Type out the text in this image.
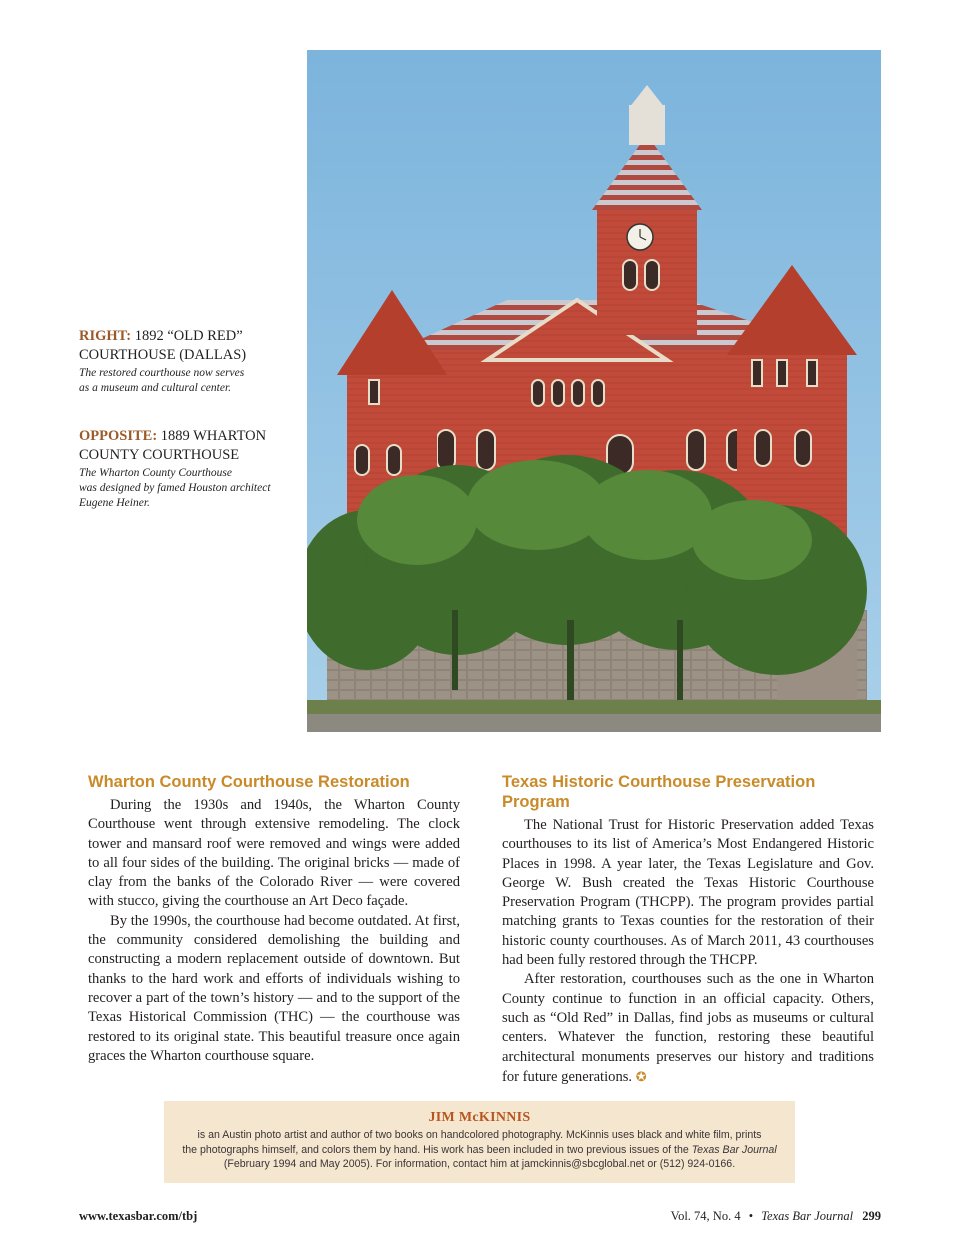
RIGHT: 1892 “OLD RED”
COURTHOUSE (DALLAS)
The restored courthouse now serves
as a museum and cultural center.
OPPOSITE: 1889 WHARTON
COUNTY COURTHOUSE
The Wharton County Courthouse
was designed by famed Houston architect
Eugene Heiner.
Wharton County Courthouse Restoration

During the 1930s and 1940s, the Wharton County Courthouse went through extensive remodeling. The clock tower and mansard roof were removed and wings were added to all four sides of the building. The original bricks — made of clay from the banks of the Colorado River — were covered with stucco, giving the courthouse an Art Deco façade.

By the 1990s, the courthouse had become outdated. At first, the community considered demolishing the building and constructing a modern replacement outside of downtown. But thanks to the hard work and efforts of individuals wishing to recover a part of the town’s history — and to the support of the Texas Historical Commission (THC) — the courthouse was restored to its original state. This beautiful treasure once again graces the Wharton courthouse square.

Texas Historic Courthouse Preservation Program

The National Trust for Historic Preservation added Texas courthouses to its list of America’s Most Endangered Historic Places in 1998. A year later, the Texas Legislature and Gov. George W. Bush created the Texas Historic Courthouse Preservation Program (THCPP). The program provides partial matching grants to Texas counties for the restoration of their historic county courthouses. As of March 2011, 43 courthouses had been fully restored through the THCPP.

After restoration, courthouses such as the one in Wharton County continue to function in an official capacity. Others, such as “Old Red” in Dallas, find jobs as museums or cultural centers. Whatever the function, restoring these beautiful architectural monuments preserves our history and traditions for future generations. ✪

JIM McKINNIS
is an Austin photo artist and author of two books on handcolored photography. McKinnis uses black and white film, prints
the photographs himself, and colors them by hand. His work has been included in two previous issues of the Texas Bar Journal
(February 1994 and May 2005). For information, contact him at jamckinnis@sbcglobal.net or (512) 924-0166.
www.texasbar.com/tbj	Vol. 74, No. 4 • Texas Bar Journal 299
